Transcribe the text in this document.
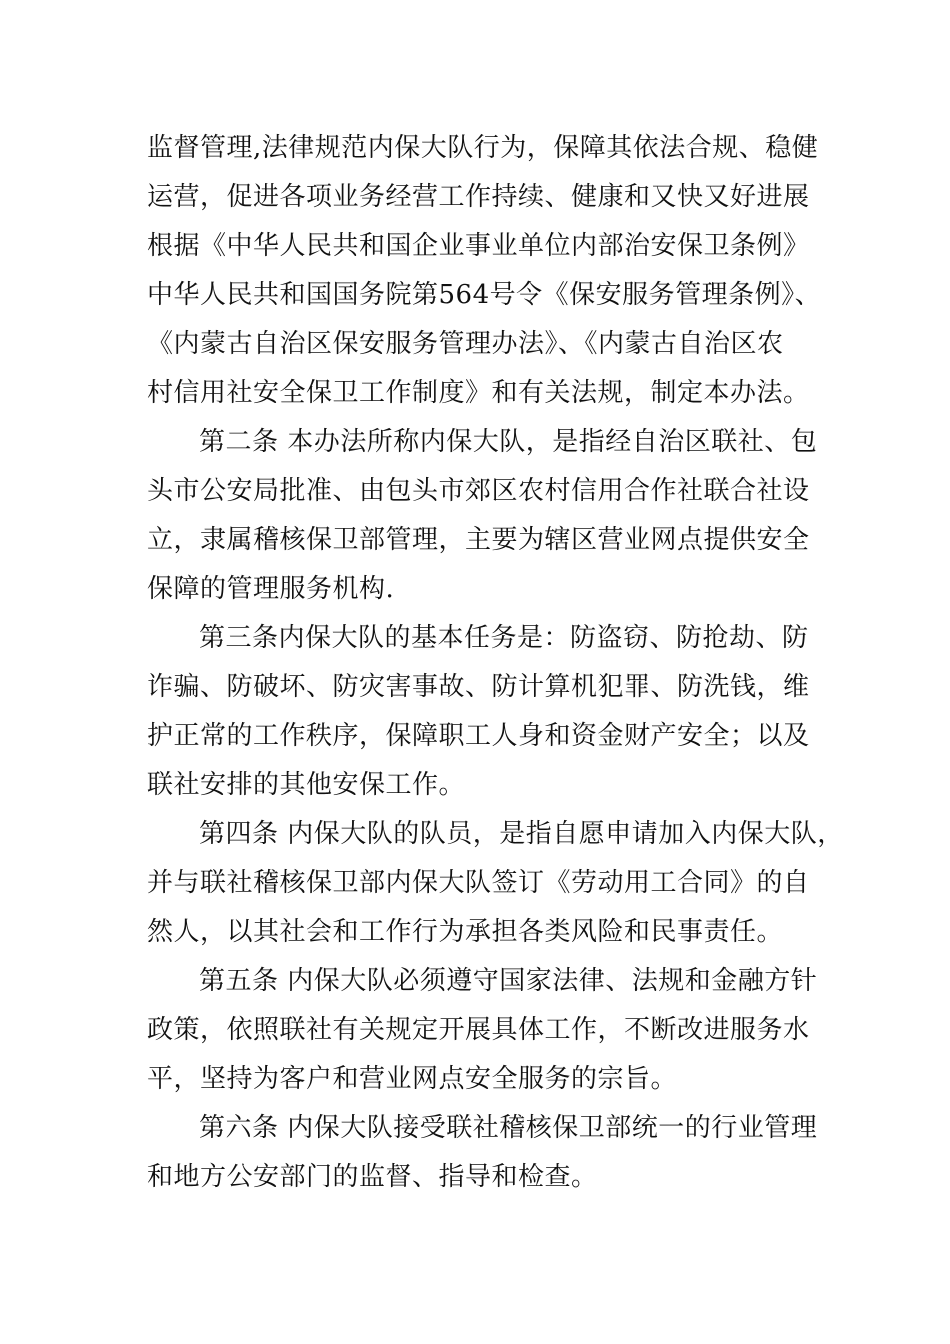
监督管理,法律规范内保大队行为，保障其依法合规、稳健
运营，促进各项业务经营工作持续、健康和又快又好进展
根据《中华人民共和国企业事业单位内部治安保卫条例》
中华人民共和国国务院第564号令《保安服务管理条例》、
《内蒙古自治区保安服务管理办法》、《内蒙古自治区农
村信用社安全保卫工作制度》和有关法规，制定本办法。
第二条 本办法所称内保大队，是指经自治区联社、包
头市公安局批准、由包头市郊区农村信用合作社联合社设
立，隶属稽核保卫部管理，主要为辖区营业网点提供安全
保障的管理服务机构.
第三条内保大队的基本任务是：防盗窃、防抢劫、防
诈骗、防破坏、防灾害事故、防计算机犯罪、防洗钱，维
护正常的工作秩序，保障职工人身和资金财产安全；以及
联社安排的其他安保工作。
第四条 内保大队的队员，是指自愿申请加入内保大队，
并与联社稽核保卫部内保大队签订《劳动用工合同》的自
然人，以其社会和工作行为承担各类风险和民事责任。
第五条 内保大队必须遵守国家法律、法规和金融方针
政策，依照联社有关规定开展具体工作，不断改进服务水
平，坚持为客户和营业网点安全服务的宗旨。
第六条 内保大队接受联社稽核保卫部统一的行业管理
和地方公安部门的监督、指导和检查。
